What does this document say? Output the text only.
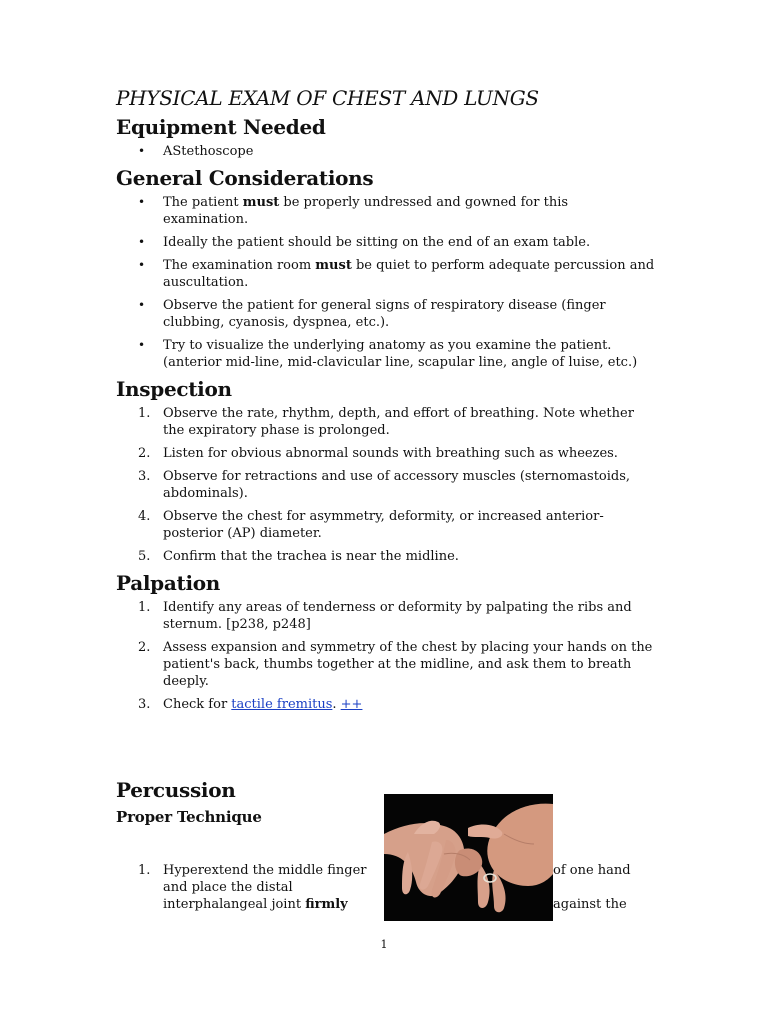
PHYSICAL EXAM OF CHEST AND LUNGS
Equipment Needed
• AStethoscope
General Considerations
• The patient must be properly undressed and gowned for this examination.
• Ideally the patient should be sitting on the end of an exam table.
• The examination room must be quiet to perform adequate percussion and auscultation.
• Observe the patient for general signs of respiratory disease (finger clubbing, cyanosis, dyspnea, etc.).
• Try to visualize the underlying anatomy as you examine the patient. (anterior mid-line, mid-clavicular line, scapular line, angle of luise, etc.)
Inspection
1. Observe the rate, rhythm, depth, and effort of breathing. Note whether the expiratory phase is prolonged.
2. Listen for obvious abnormal sounds with breathing such as wheezes.
3. Observe for retractions and use of accessory muscles (sternomastoids, abdominals).
4. Observe the chest for asymmetry, deformity, or increased anterior-posterior (AP) diameter.
5. Confirm that the trachea is near the midline.
Palpation
1. Identify any areas of tenderness or deformity by palpating the ribs and sternum. [p238, p248]
2. Assess expansion and symmetry of the chest by placing your hands on the patient's back, thumbs together at the midline, and ask them to breath deeply.
3. Check for tactile fremitus. ++
Percussion
Proper Technique
1. Hyperextend the middle finger	of one hand
and place the distal
interphalangeal joint firmly	against the
1
